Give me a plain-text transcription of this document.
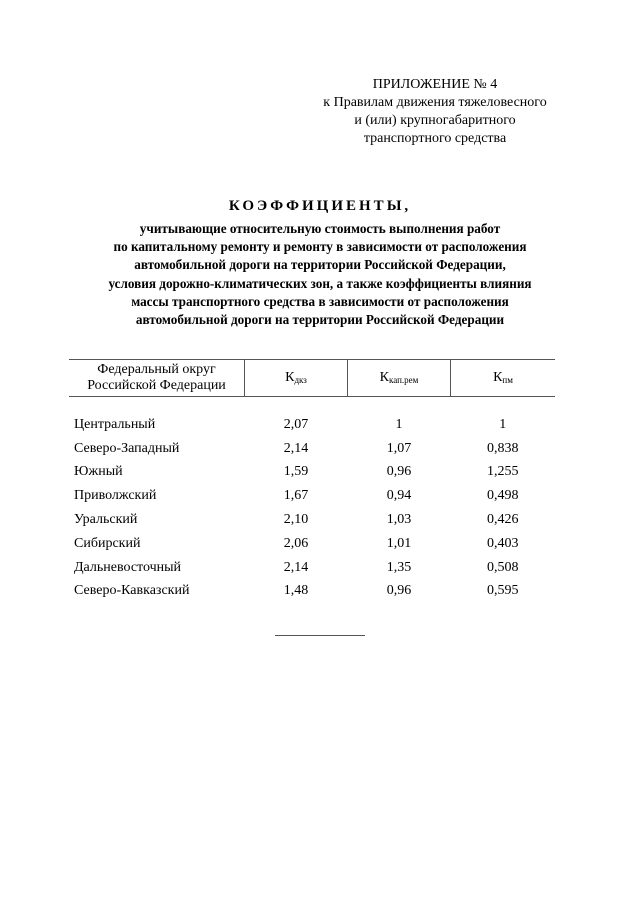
ПРИЛОЖЕНИЕ № 4
к Правилам движения тяжеловесного
и (или) крупногабаритного
транспортного средства
КОЭФФИЦИЕНТЫ,
учитывающие относительную стоимость выполнения работ
по капитальному ремонту и ремонту в зависимости от расположения
автомобильной дороги на территории Российской Федерации,
условия дорожно-климатических зон, а также коэффициенты влияния
массы транспортного средства в зависимости от расположения
автомобильной дороги на территории Российской Федерации
Федеральный округ
Российской Федерации	$К_{дкз}$	$К_{кап.рем}$	$К_{пм}$

Центральный	2,07	1	1
Северо-Западный	2,14	1,07	0,838
Южный	1,59	0,96	1,255
Приволжский	1,67	0,94	0,498
Уральский	2,10	1,03	0,426
Сибирский	2,06	1,01	0,403
Дальневосточный	2,14	1,35	0,508
Северо-Кавказский	1,48	0,96	0,595
